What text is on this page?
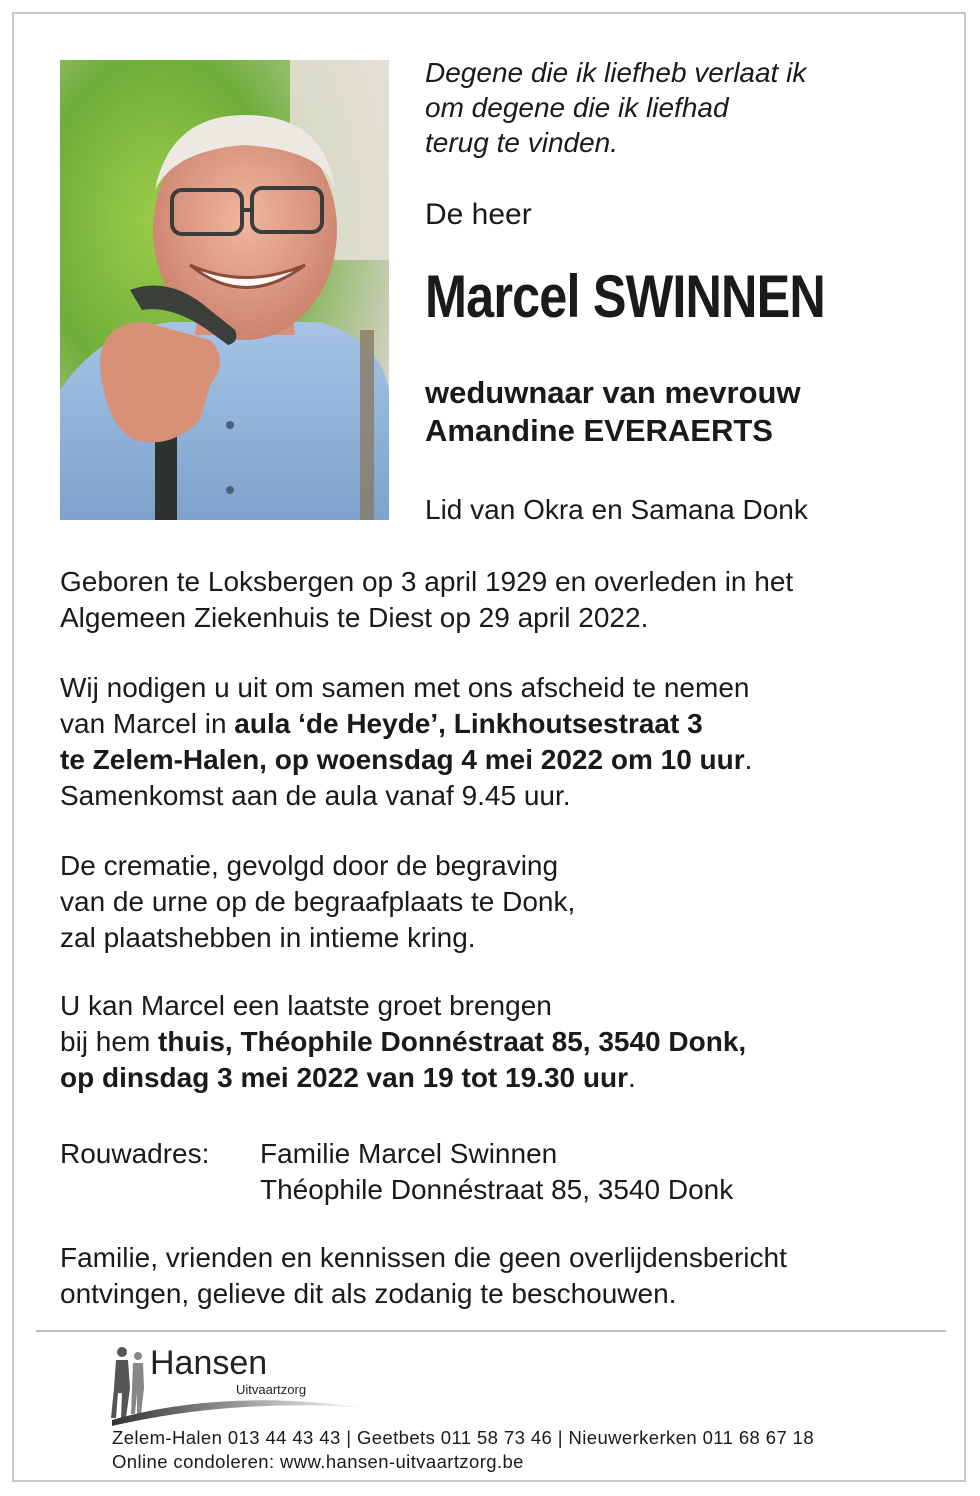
Degene die ik liefheb verlaat ik
om degene die ik liefhad
terug te vinden.

De heer
Marcel SWINNEN
weduwnaar van mevrouw
Amandine EVERAERTS
Lid van Okra en Samana Donk

Geboren te Loksbergen op 3 april 1929 en overleden in het
Algemeen Ziekenhuis te Diest op 29 april 2022.

Wij nodigen u uit om samen met ons afscheid te nemen
van Marcel in aula ‘de Heyde’, Linkhoutsestraat 3
te Zelem-Halen, op woensdag 4 mei 2022 om 10 uur.
Samenkomst aan de aula vanaf 9.45 uur.

De crematie, gevolgd door de begraving
van de urne op de begraafplaats te Donk,
zal plaatshebben in intieme kring.

U kan Marcel een laatste groet brengen
bij hem thuis, Théophile Donnéstraat 85, 3540 Donk,
op dinsdag 3 mei 2022 van 19 tot 19.30 uur.

Rouwadres: Familie Marcel Swinnen
Théophile Donnéstraat 85, 3540 Donk

Familie, vrienden en kennissen die geen overlijdensbericht
ontvingen, gelieve dit als zodanig te beschouwen.

Hansen
Uitvaartzorg
Zelem-Halen 013 44 43 43 | Geetbets 011 58 73 46 | Nieuwerkerken 011 68 67 18
Online condoleren: www.hansen-uitvaartzorg.be
